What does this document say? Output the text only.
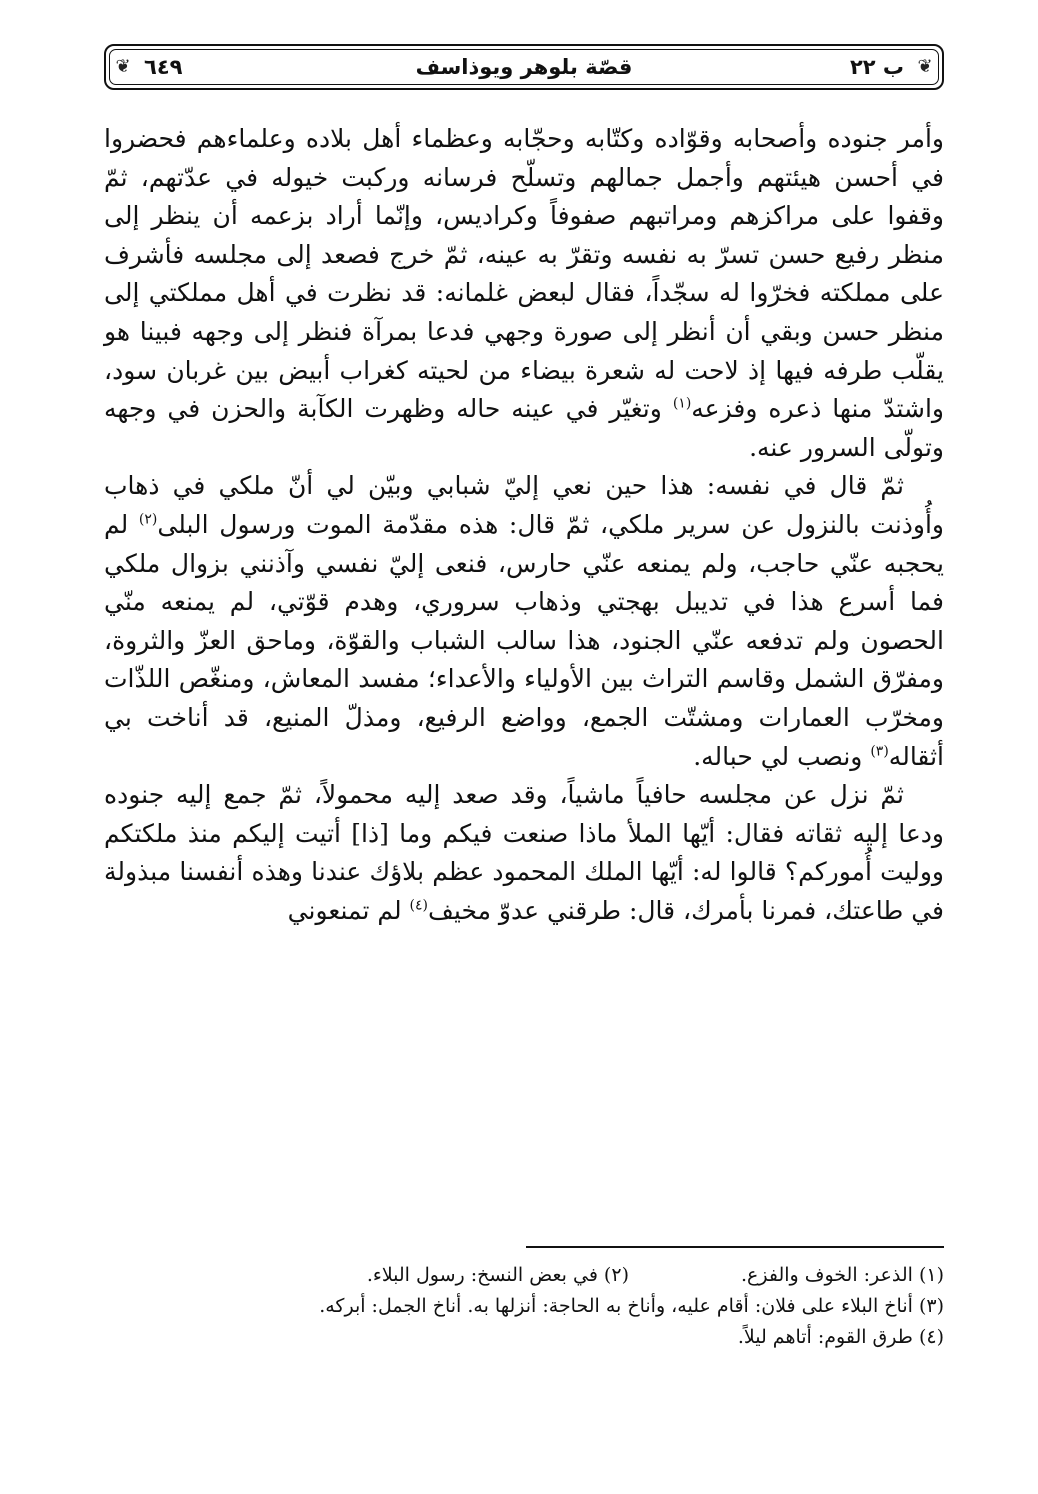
❦
❦	ب ٢٢
قصّة بلوهر ويوذاسف
٦٤٩

وأمر جنوده وأصحابه وقوّاده وكتّابه وحجّابه وعظماء أهل بلاده وعلماءهم فحضروا في أحسن هيئتهم وأجمل جمالهم وتسلّح فرسانه وركبت خيوله في عدّتهم، ثمّ وقفوا على مراكزهم ومراتبهم صفوفاً وكراديس، وإنّما أراد بزعمه أن ينظر إلى منظر رفيع حسن تسرّ به نفسه وتقرّ به عينه، ثمّ خرج فصعد إلى مجلسه فأشرف على مملكته فخرّوا له سجّداً، فقال لبعض غلمانه: قد نظرت في أهل مملكتي إلى منظر حسن وبقي أن أنظر إلى صورة وجهي فدعا بمرآة فنظر إلى وجهه فبينا هو يقلّب طرفه فيها إذ لاحت له شعرة بيضاء من لحيته كغراب أبيض بين غربان سود، واشتدّ منها ذعره وفزعه$^{(١)}$ وتغيّر في عينه حاله وظهرت الكآبة والحزن في وجهه وتولّى السرور عنه.

ثمّ قال في نفسه: هذا حين نعي إليّ شبابي وبيّن لي أنّ ملكي في ذهاب وأُوذنت بالنزول عن سرير ملكي، ثمّ قال: هذه مقدّمة الموت ورسول البلى$^{(٢)}$ لم يحجبه عنّي حاجب، ولم يمنعه عنّي حارس، فنعى إليّ نفسي وآذنني بزوال ملكي فما أسرع هذا في تديبل بهجتي وذهاب سروري، وهدم قوّتي، لم يمنعه منّي الحصون ولم تدفعه عنّي الجنود، هذا سالب الشباب والقوّة، وماحق العزّ والثروة، ومفرّق الشمل وقاسم التراث بين الأولياء والأعداء؛ مفسد المعاش، ومنغّص اللذّات ومخرّب العمارات ومشتّت الجمع، وواضع الرفيع، ومذلّ المنيع، قد أناخت بي أثقاله$^{(٣)}$ ونصب لي حباله.

ثمّ نزل عن مجلسه حافياً ماشياً، وقد صعد إليه محمولاً، ثمّ جمع إليه جنوده ودعا إليه ثقاته فقال: أيّها الملأ ماذا صنعت فيكم وما [ذا] أتيت إليكم منذ ملكتكم ووليت أُموركم؟ قالوا له: أيّها الملك المحمود عظم بلاؤك عندنا وهذه أنفسنا مبذولة في طاعتك، فمرنا بأمرك، قال: طرقني عدوّ مخيف$^{(٤)}$ لم تمنعوني

(١) الذعر: الخوف والفزع.
(٢) في بعض النسخ: رسول البلاء.
(٣) أناخ البلاء على فلان: أقام عليه، وأناخ به الحاجة: أنزلها به. أناخ الجمل: أبركه.
(٤) طرق القوم: أتاهم ليلاً.
